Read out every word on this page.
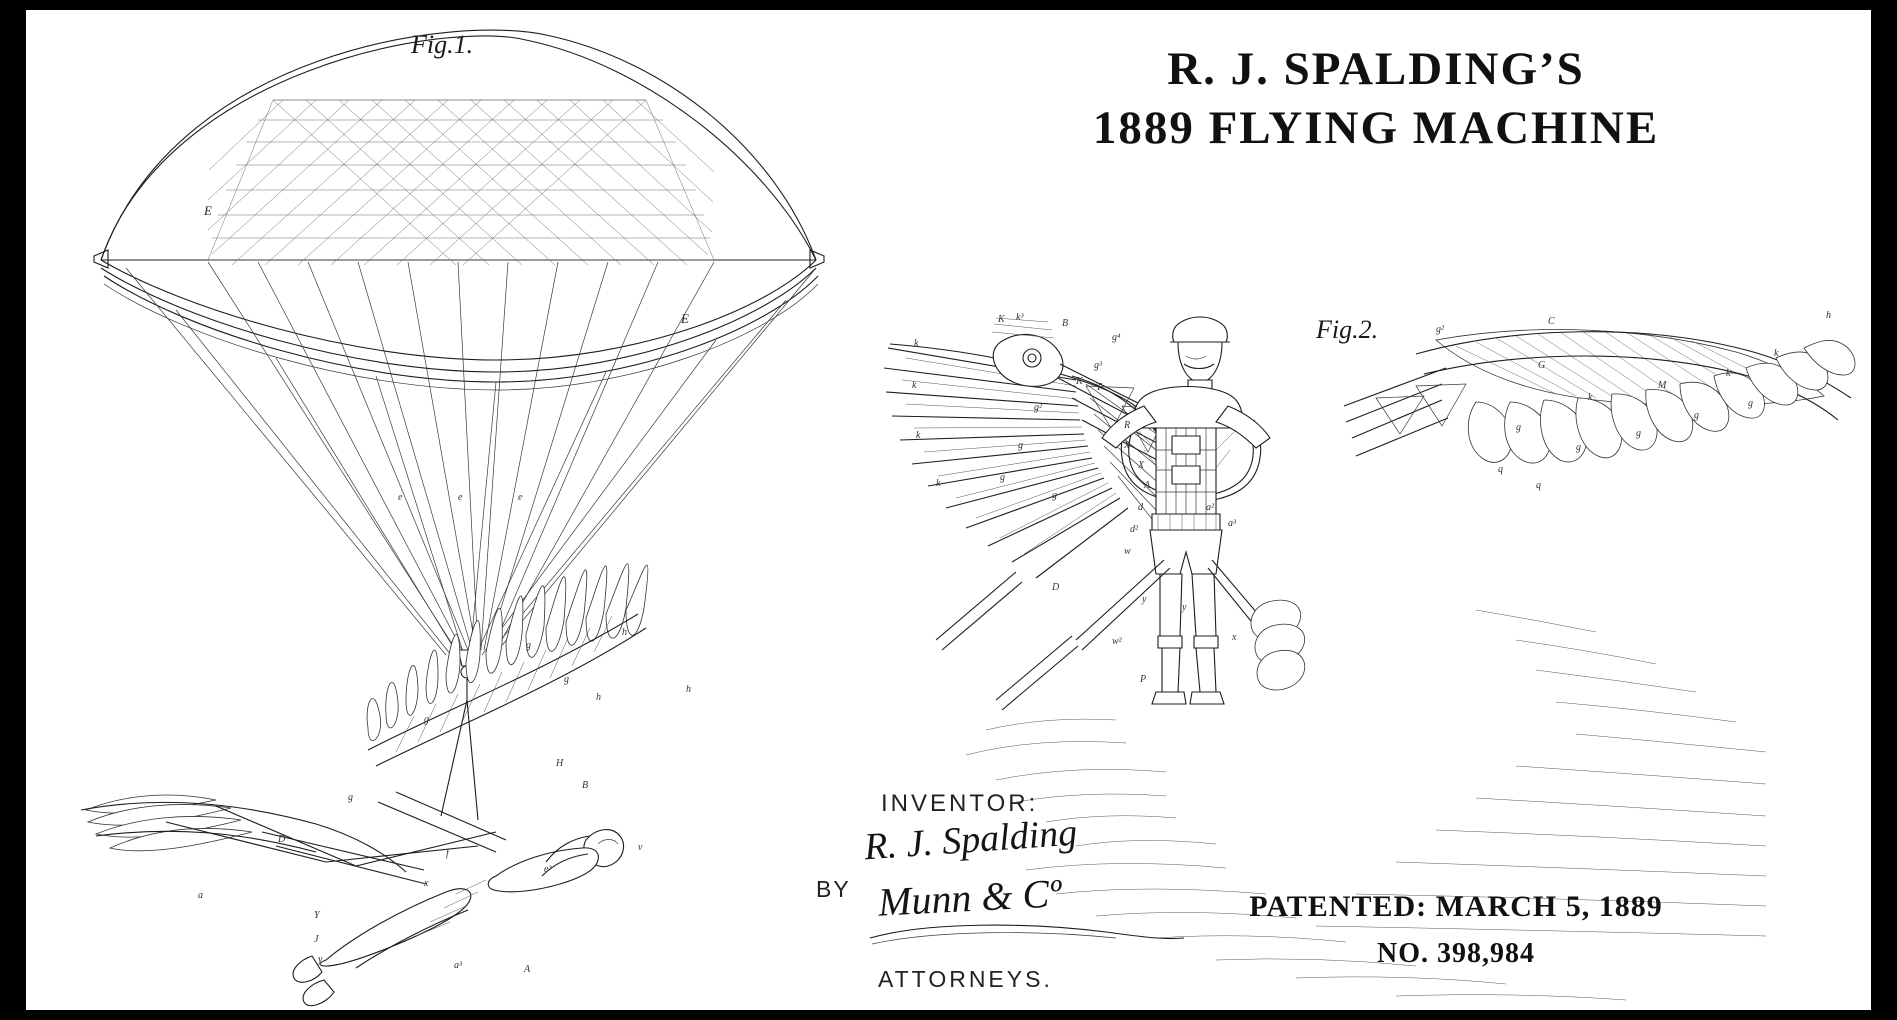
R. J. SPALDING’S
1889 FLYING MACHINE
Fig.1.
Fig.2.
E
E
e	e	e
h
h
h
g
g
g
g
H
B
D
a
Y
J
y
x
f
A
a³
v
e³
K k³
B
k
k
k
k
g⁴
g³
K
T
g²
g
g
g
g²
C
h
k
k
G
M
k
g
g
g
g
g
q
q
R
X
X
A
d
d²
w
a²
a³
D
y
y
x
w²
P
INVENTOR:
R. J. Spalding
BY Munn & Cº
ATTORNEYS.
PATENTED: MARCH 5, 1889
NO. 398,984
